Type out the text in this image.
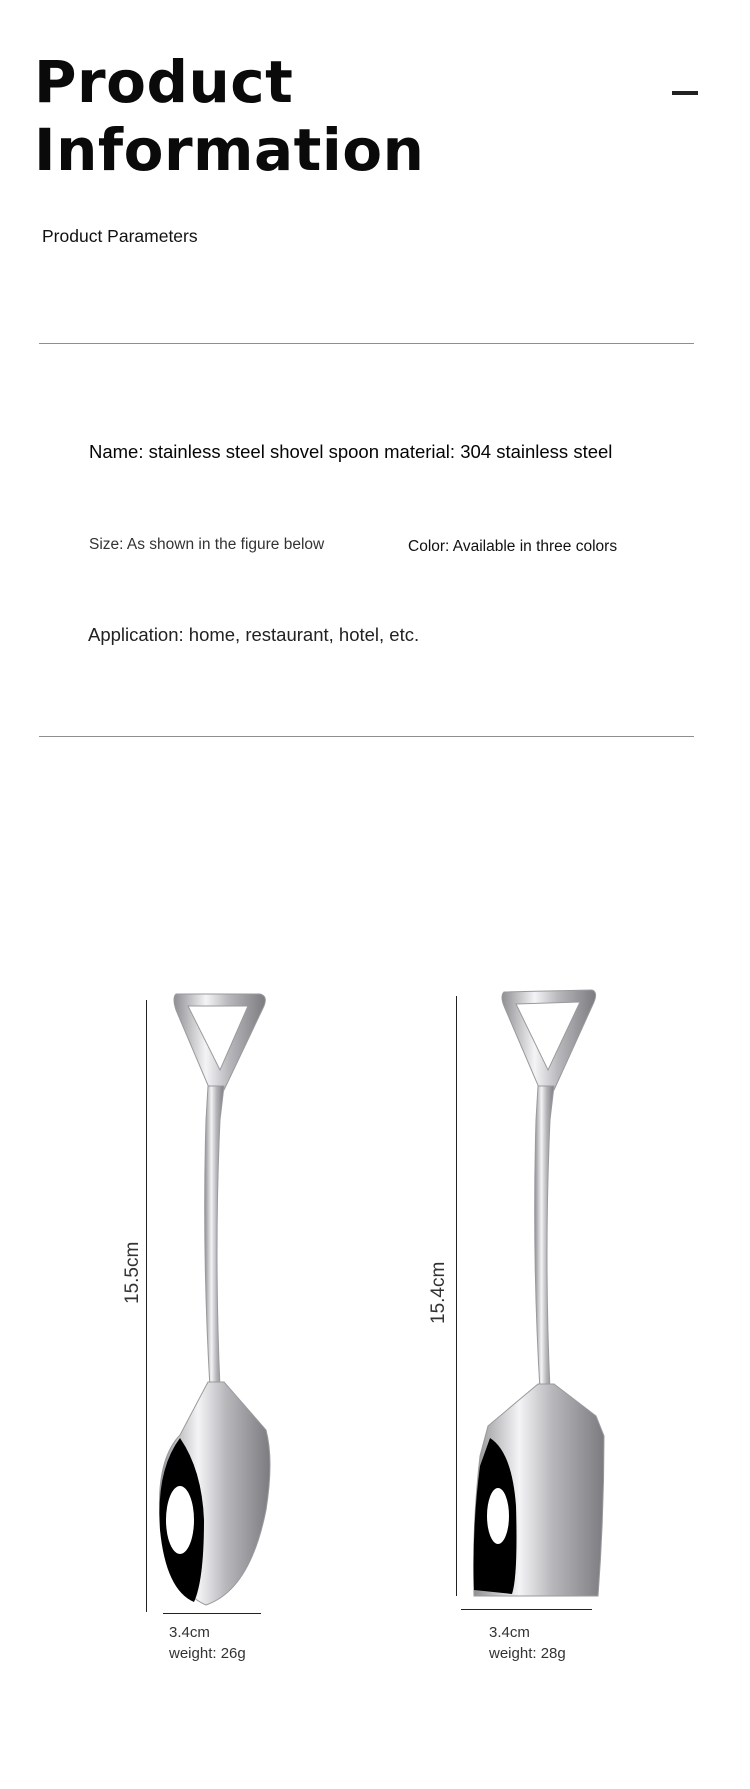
Product
Information
Product Parameters
Name: stainless steel shovel spoon material: 304 stainless steel
Size: As shown in the figure below	Color: Available in three colors
Application: home, restaurant, hotel, etc.
15.5cm
3.4cm
weight: 26g
15.4cm
3.4cm
weight: 28g
